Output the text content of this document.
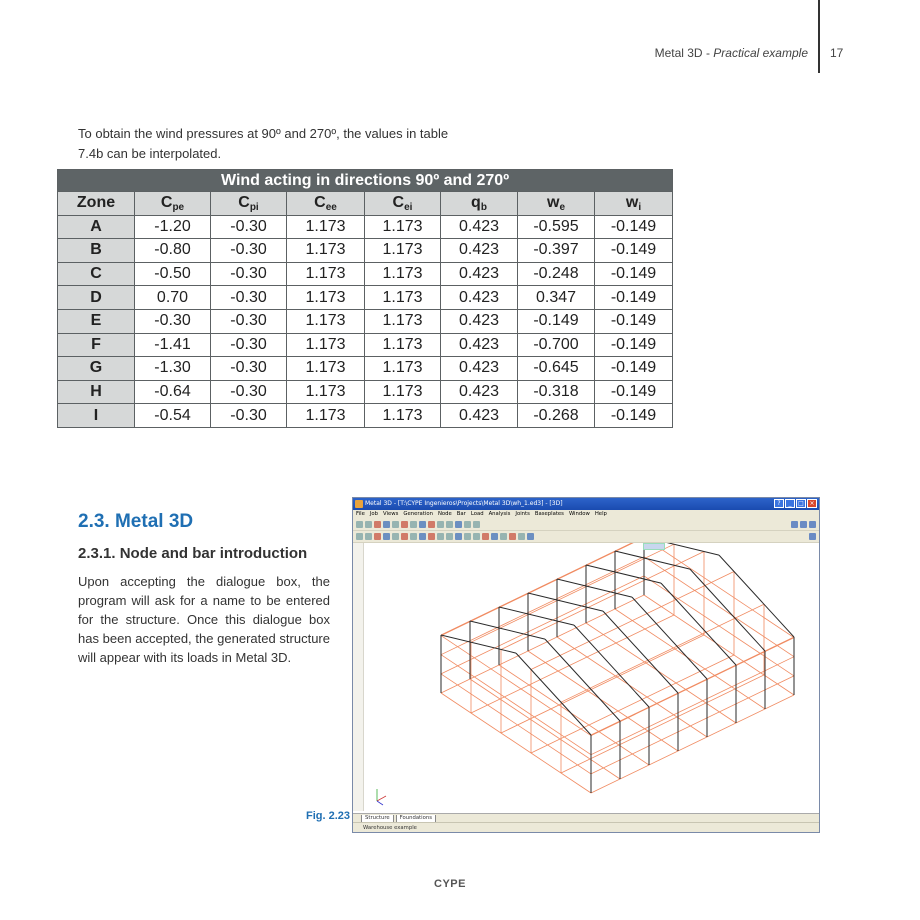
Metal 3D - Practical example 17
To obtain the wind pressures at 90º and 270º, the values in table 7.4b can be interpolated.
Wind acting in directions 90º and 270º							
Zone	$C_{pe}$	$C_{pi}$	$C_{ee}$	$C_{ei}$	$q_b$	$w_e$	$w_i$
A	-1.20	-0.30	1.173	1.173	0.423	-0.595	-0.149
B	-0.80	-0.30	1.173	1.173	0.423	-0.397	-0.149
C	-0.50	-0.30	1.173	1.173	0.423	-0.248	-0.149
D	0.70	-0.30	1.173	1.173	0.423	0.347	-0.149
E	-0.30	-0.30	1.173	1.173	0.423	-0.149	-0.149
F	-1.41	-0.30	1.173	1.173	0.423	-0.700	-0.149
G	-1.30	-0.30	1.173	1.173	0.423	-0.645	-0.149
H	-0.64	-0.30	1.173	1.173	0.423	-0.318	-0.149
I	-0.54	-0.30	1.173	1.173	0.423	-0.268	-0.149
2.3. Metal 3D
2.3.1. Node and bar introduction
Upon accepting the dialogue box, the program will ask for a name to be entered for the structure. Once this dialogue box has been accepted, the generated structure will appear with its loads in Metal 3D.
Fig. 2.23
Metal 3D - [T:\CYPE Ingenieros\Projects\Metal 3D\wh_1.ed3] - [3D]	?	_	□ ×
File Job Views Generation Node Bar Load Analysis Joints Baseplates Window Help
Structure Foundations
Warehouse example
CYPE
